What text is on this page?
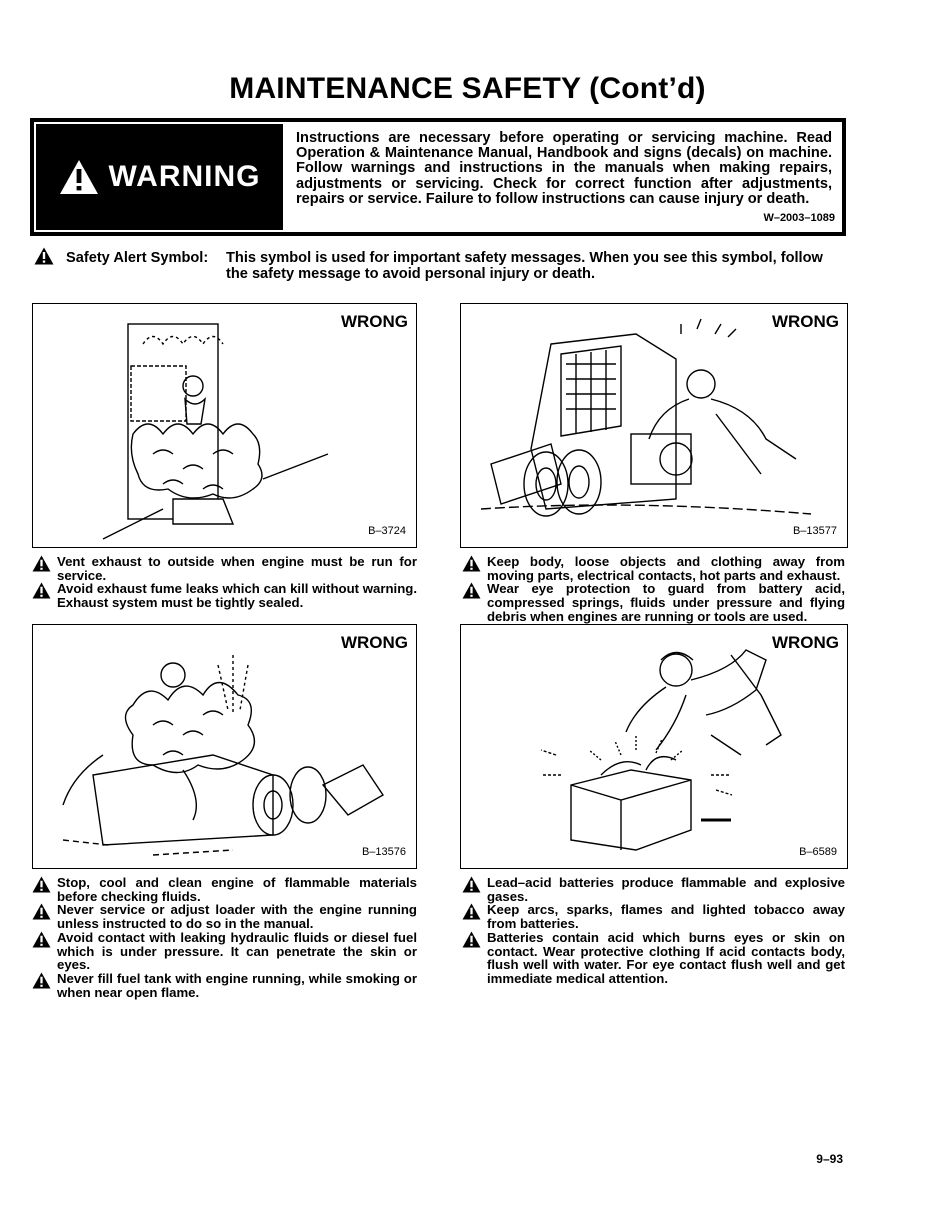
MAINTENANCE SAFETY (Cont’d)
WARNING
Instructions are necessary before operating or servicing machine. Read Operation & Maintenance Manual, Handbook and signs (decals) on machine. Follow warnings and instructions in the manuals when making repairs, adjustments or servicing. Check for correct function after adjustments, repairs or service. Failure to follow instructions can cause injury or death.
W–2003–1089
Safety Alert Symbol: This symbol is used for important safety messages. When you see this symbol, follow the safety message to avoid personal injury or death.
WRONG
B–3724

Vent exhaust to outside when engine must be run for service.

Avoid exhaust fume leaks which can kill without warning. Exhaust system must be tightly sealed.

WRONG
B–13577

Keep body, loose objects and clothing away from moving parts, electrical contacts, hot parts and exhaust.

Wear eye protection to guard from battery acid, compressed springs, fluids under pressure and flying debris when engines are running or tools are used.

WRONG
B–13576

Stop, cool and clean engine of flammable materials before checking fluids.

Never service or adjust loader with the engine running unless instructed to do so in the manual.

Avoid contact with leaking hydraulic fluids or diesel fuel which is under pressure. It can penetrate the skin or eyes.

Never fill fuel tank with engine running, while smoking or when near open flame.

WRONG
B–6589

Lead–acid batteries produce flammable and explosive gases.

Keep arcs, sparks, flames and lighted tobacco away from batteries.

Batteries contain acid which burns eyes or skin on contact. Wear protective clothing If acid contacts body, flush well with water. For eye contact flush well and get immediate medical attention.

9–93
